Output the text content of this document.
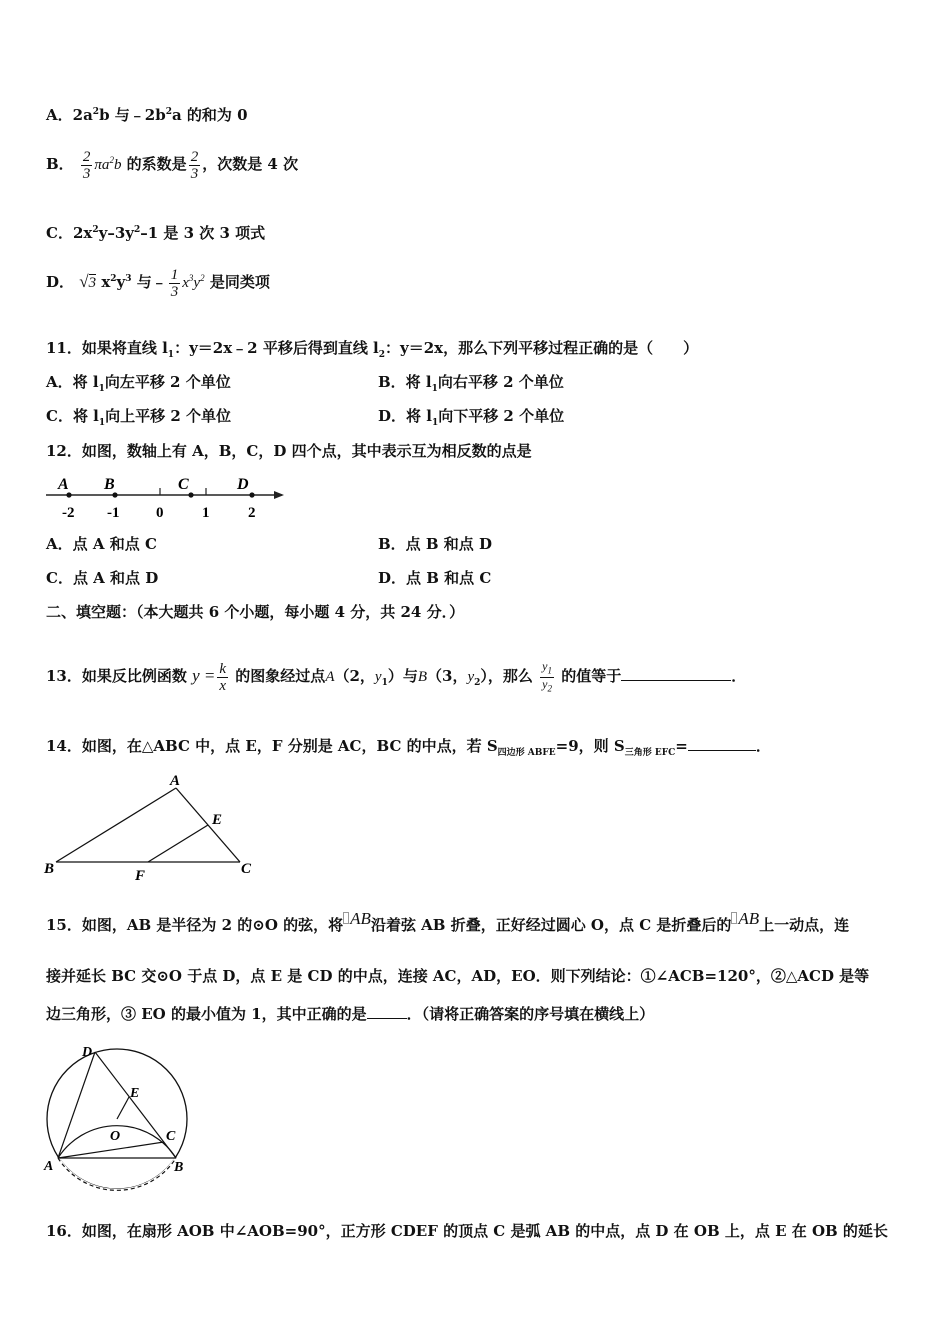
A．$2a^2b$ 与$﹣2b^2a$ 的和为 0
B． $\frac{2}{3} \pi a^2b$ 的系数是 $\frac{2}{3}$ ，次数是 4 次
C．$2x^2y-3y^2-1$ 是 3 次 3 项式
D． √3 $x^2y^3$ 与﹣ $\frac{1}{3} x^3y^2$ 是同类项
11．如果将直线 $l_1$：y＝2x﹣2 平移后得到直线 $l_2$：y＝2x，那么下列平移过程正确的是（　　）
A．将 $l_1$向左平移 2 个单位	B．将 $l_1$向右平移 2 个单位
C．将 $l_1$向上平移 2 个单位	D．将 $l_1$向下平移 2 个单位
12．如图，数轴上有 A，B，C，D 四个点，其中表示互为相反数的点是
A B	C	D
-2 -1 0	1	2
A．点 A 和点 C	B．点 B 和点 D
C．点 A 和点 D	D．点 B 和点 C
二、填空题：（本大题共 6 个小题，每小题 4 分，共 24 分．）
13．如果反比例函数 $y = \frac{k}{x}$ 的图象经过点A（2，$y_1$）与B（3，$y_2$），那么 $\frac{y_1}{y_2}$ 的值等于	．
14．如图，在△ABC 中，点 E，F 分别是 AC，BC 的中点，若 $S_{四边形 ABFE}=9$，则 $S_{三角形 EFC}=$	．
A
E
B	F	C
15．如图，AB 是半径为 2 的⊙O 的弦，将 AB沿着弦 AB 折叠，正好经过圆心 O，点 C 是折叠后的 AB上一动点，连
接并延长 BC 交⊙O 于点 D，点 E 是 CD 的中点，连接 AC，AD，EO．则下列结论：①∠ACB=120°，②△ACD 是等
边三角形，③ EO 的最小值为 1，其中正确的是	．（请将正确答案的序号填在横线上）
D
E
O	C
A	B
16．如图，在扇形 AOB 中∠AOB=90°，正方形 CDEF 的顶点 C 是弧 AB 的中点，点 D 在 OB 上，点 E 在 OB 的延长
